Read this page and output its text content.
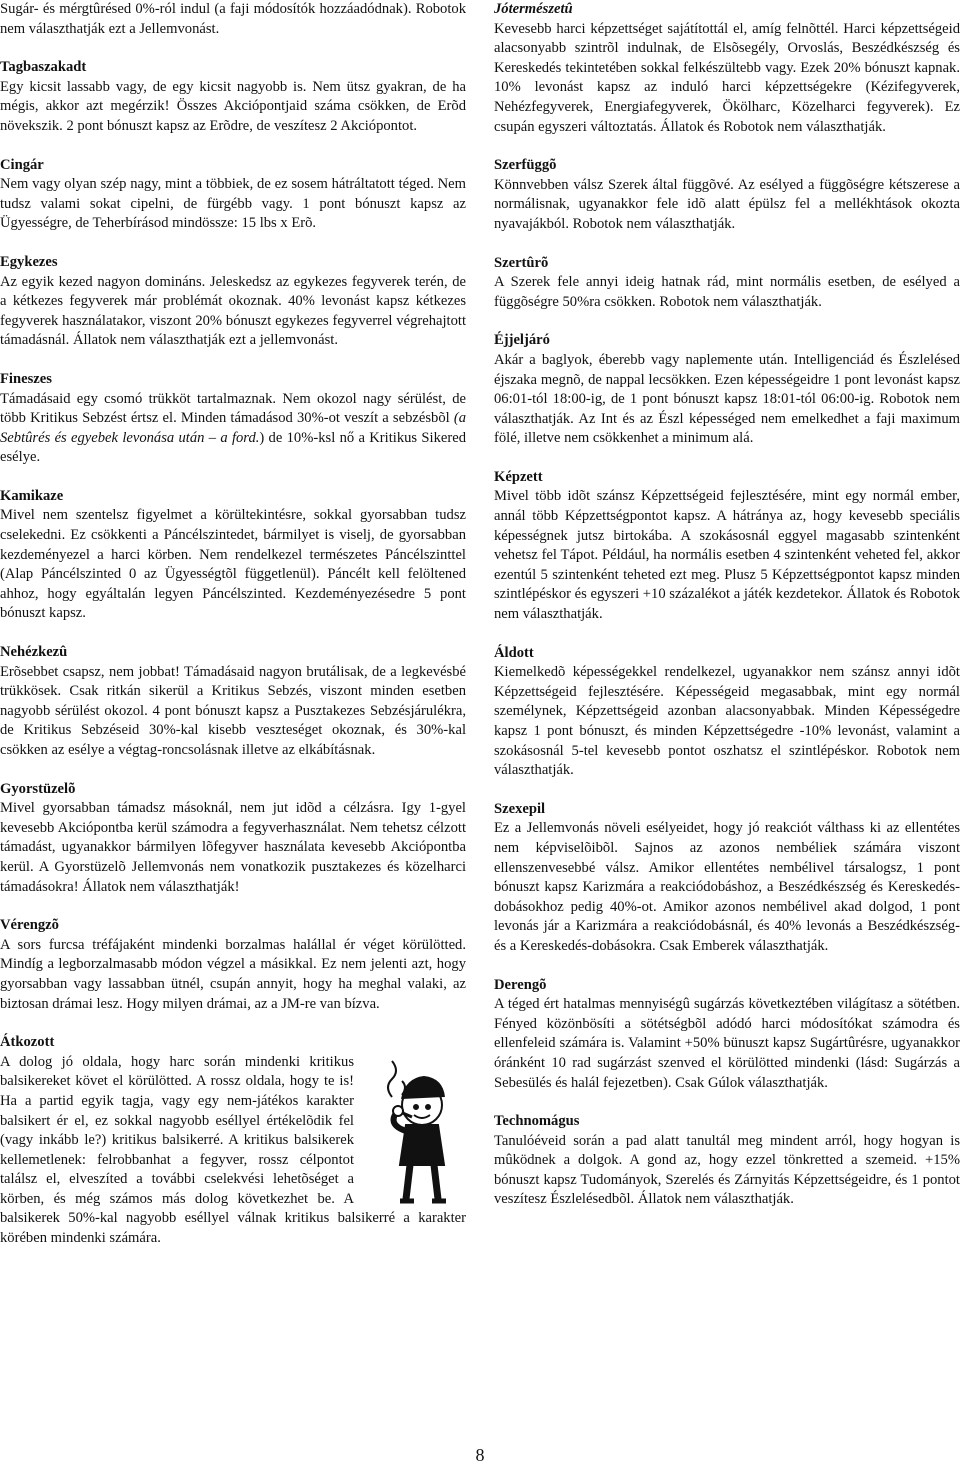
Sugár- és mérgtûrésed 0%-ról indul (a faji módosítók hozzáadódnak). Robotok nem választhatják ezt a Jellemvonást.

Tagbaszakadt

Egy kicsit lassabb vagy, de egy kicsit nagyobb is. Nem ütsz gyakran, de ha mégis, akkor azt megérzik! Összes Akciópontjaid száma csökken, de Erõd növekszik. 2 pont bónuszt kapsz az Erõdre, de veszítesz 2 Akciópontot.

Cingár

Nem vagy olyan szép nagy, mint a többiek, de ez sosem hátráltatott téged. Nem tudsz valami sokat cipelni, de fürgébb vagy. 1 pont bónuszt kapsz az Ügyességre, de Teherbírásod mindössze: 15 lbs x Erõ.

Egykezes

Az egyik kezed nagyon domináns. Jeleskedsz az egykezes fegyverek terén, de a kétkezes fegyverek már problémát okoznak. 40% levonást kapsz kétkezes fegyverek használatakor, viszont 20% bónuszt egykezes fegyverrel végrehajtott támadásnál. Állatok nem választhatják ezt a jellemvonást.

Fineszes

Támadásaid egy csomó trükköt tartalmaznak. Nem okozol nagy sérülést, de több Kritikus Sebzést értsz el. Minden támadásod 30%-ot veszít a sebzésbõl (a Sebtûrés és egyebek levonása után – a ford.) de 10%-ksl nő a Kritikus Sikered esélye.

Kamikaze

Mivel nem szentelsz figyelmet a körültekintésre, sokkal gyorsabban tudsz cselekedni. Ez csökkenti a Páncélszintedet, bármilyet is viselj, de gyorsabban kezdeményezel a harci körben. Nem rendelkezel természetes Páncélszinttel (Alap Páncélszinted 0 az Ügyességtõl függetlenül). Páncélt kell felöltened ahhoz, hogy egyáltalán legyen Páncélszinted. Kezdeményezésedre 5 pont bónuszt kapsz.

Nehézkezû

Erõsebbet csapsz, nem jobbat! Támadásaid nagyon brutálisak, de a legkevésbé trükkösek. Csak ritkán sikerül a Kritikus Sebzés, viszont minden esetben nagyobb sérülést okozol. 4 pont bónuszt kapsz a Pusztakezes Sebzésjárulékra, de Kritikus Sebzéseid 30%-kal kisebb veszteséget okoznak, és 30%-kal csökken az esélye a végtag-roncsolásnak illetve az elkábításnak.

Gyorstüzelõ

Mivel gyorsabban támadsz másoknál, nem jut idõd a célzásra. Igy 1-gyel kevesebb Akciópontba kerül számodra a fegyverhasználat. Nem tehetsz célzott támadást, ugyanakkor bármilyen lõfegyver használata kevesebb Akciópontba kerül. A Gyorstüzelõ Jellemvonás nem vonatkozik pusztakezes és közelharci támadásokra! Állatok nem választhatják!

Vérengzõ

A sors furcsa tréfájaként mindenki borzalmas halállal ér véget körülötted. Mindíg a legborzalmasabb módon végzel a másikkal. Ez nem jelenti azt, hogy gyorsabban vagy lassabban ütnél, csupán annyit, hogy ha meghal valaki, az biztosan drámai lesz. Hogy milyen drámai, az a JM-re van bízva.

Átkozott

A dolog jó oldala, hogy harc során mindenki kritikus balsikereket követ el körülötted. A rossz oldala, hogy te is! Ha a partid egyik tagja, vagy egy nem-játékos karakter balsikert ér el, ez sokkal nagyobb eséllyel értékelõdik fel (vagy inkább le?) kritikus balsikerré. A kritikus balsikerek kellemetlenek: felrobbanhat a fegyver, rossz célpontot találsz el, elveszíted a további cselekvési lehetõséget a körben, és még számos más dolog következhet be. A balsikerek 50%-kal nagyobb eséllyel válnak kritikus balsikerré a karakter körében mindenki számára.

Jótermészetû

Kevesebb harci képzettséget sajátítottál el, amíg felnõttél. Harci képzettségeid alacsonyabb szintrõl indulnak, de Elsõsegély, Orvoslás, Beszédkészség és Kereskedés tekintetében sokkal felkészültebb vagy. Ezek 20% bónuszt kapnak. 10% levonást kapsz az induló harci képzettségekre (Kézifegyverek, Nehézfegyverek, Energiafegyverek, Ökölharc, Közelharci fegyverek). Ez csupán egyszeri változtatás. Állatok és Robotok nem választhatják.

Szerfüggõ

Könnvebben válsz Szerek által függõvé. Az esélyed a függõségre kétszerese a normálisnak, ugyanakkor fele idõ alatt épülsz fel a mellékhtások okozta nyavajákból. Robotok nem választhatják.

Szertûrõ

A Szerek fele annyi ideig hatnak rád, mint normális esetben, de esélyed a függõségre 50%ra csökken. Robotok nem választhatják.

Éjjeljáró

Akár a baglyok, éberebb vagy naplemente után. Intelligenciád és Észlelésed éjszaka megnõ, de nappal lecsökken. Ezen képességeidre 1 pont levonást kapsz 06:01-tól 18:00-ig, de 1 pont bónuszt kapsz 18:01-tól 06:00-ig. Robotok nem választhatják. Az Int és az Észl képességed nem emelkedhet a faji maximum fölé, illetve nem csökkenhet a minimum alá.

Képzett

Mivel több idõt szánsz Képzettségeid fejlesztésére, mint egy normál ember, annál több Képzettségpontot kapsz. A hátránya az, hogy kevesebb speciális képességnek jutsz birtokába. A szokásosnál eggyel magasabb szintenként vehetsz fel Tápot. Például, ha normális esetben 4 szintenként veheted fel, akkor ezentúl 5 szintenként teheted ezt meg. Plusz 5 Képzettségpontot kapsz minden szintlépéskor és egyszeri +10 százalékot a játék kezdetekor. Állatok és Robotok nem választhatják.

Áldott

Kiemelkedõ képességekkel rendelkezel, ugyanakkor nem szánsz annyi idõt Képzettségeid fejlesztésére. Képességeid megasabbak, mint egy normál személynek, Képzettségeid azonban alacsonyabbak. Minden Képességedre kapsz 1 pont bónuszt, és minden Képzettségedre -10% levonást, valamint a szokásosnál 5-tel kevesebb pontot oszhatsz el szintlépéskor. Robotok nem választhatják.

Szexepil

Ez a Jellemvonás növeli esélyeidet, hogy jó reakciót válthass ki az ellentétes nem képviselõibõl. Sajnos az azonos nembéliek számára viszont ellenszenvesebbé válsz. Amikor ellentétes nembélivel társalogsz, 1 pont bónuszt kapsz Karizmára a reakciódobáshoz, a Beszédkészség és Kereskedés-dobásokhoz pedig 40%-ot. Amikor azonos nembélivel akad dolgod, 1 pont levonás jár a Karizmára a reakciódobásnál, és 40% levonás a Beszédkészség- és a Kereskedés-dobásokra. Csak Emberek választhatják.

Derengõ

A téged ért hatalmas mennyiségû sugárzás következtében világítasz a sötétben. Fényed közönbösíti a sötétségbõl adódó harci módosítókat számodra és ellenfeleid számára is. Valamint +50% bünuszt kapsz Sugártûrésre, ugyanakkor óránként 10 rad sugárzást szenved el körülötted mindenki (lásd: Sugárzás a Sebesülés és halál fejezetben). Csak Gúlok választhatják.

Technomágus

Tanulóéveid során a pad alatt tanultál meg mindent arról, hogy hogyan is mûködnek a dolgok. A gond az, hogy ezzel tönkretted a szemeid. +15% bónuszt kapsz Tudományok, Szerelés és Zárnyitás Képzettségeidre, és 1 pontot veszítesz Észlelésedbõl. Állatok nem választhatják.

8
